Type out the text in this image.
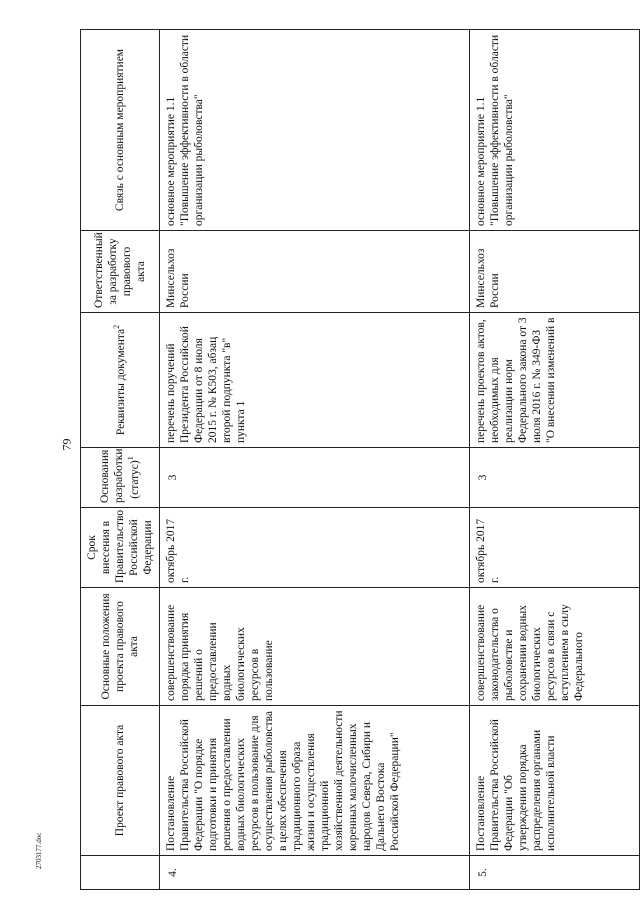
79
	Проект правового акта	Основные положения проекта правового акта	Срок внесения в Правительство Российской Федерации	Основания разработки (статус)$^1$	Реквизиты документа$^2$	Ответственный за разработку правового акта	Связь с основным мероприятием
4.	Постановление Правительства Российской Федерации "О порядке подготовки и принятия решения о предоставлении водных биологических ресурсов в пользование для осуществления рыболовства в целях обеспечения традиционного образа жизни и осуществления традиционной хозяйственной деятельности коренных малочисленных народов Севера, Сибири и Дальнего Востока Российской Федерации"	совершенствование порядка принятия решений о предоставлении водных биологических ресурсов в пользование	октябрь 2017 г.	3	перечень поручений Президента Российской Федерации от 8 июля 2015 г. № К503, абзац второй подпункта "в" пункта 1	Минсельхоз России	основное мероприятие 1.1 "Повышение эффективности в области организации рыболовства"
5.	Постановление Правительства Российской Федерации "Об утверждении порядка распределения органами исполнительной власти	совершенствование законодательства о рыболовстве и сохранении водных биологических ресурсов в связи с вступлением в силу Федерального	октябрь 2017 г.	3	перечень проектов актов, необходимых для реализации норм Федерального закона от 3 июля 2016 г. № 349-ФЗ "О внесении изменений в	Минсельхоз России	основное мероприятие 1.1 "Повышение эффективности в области организации рыболовства"
2703177.doc
